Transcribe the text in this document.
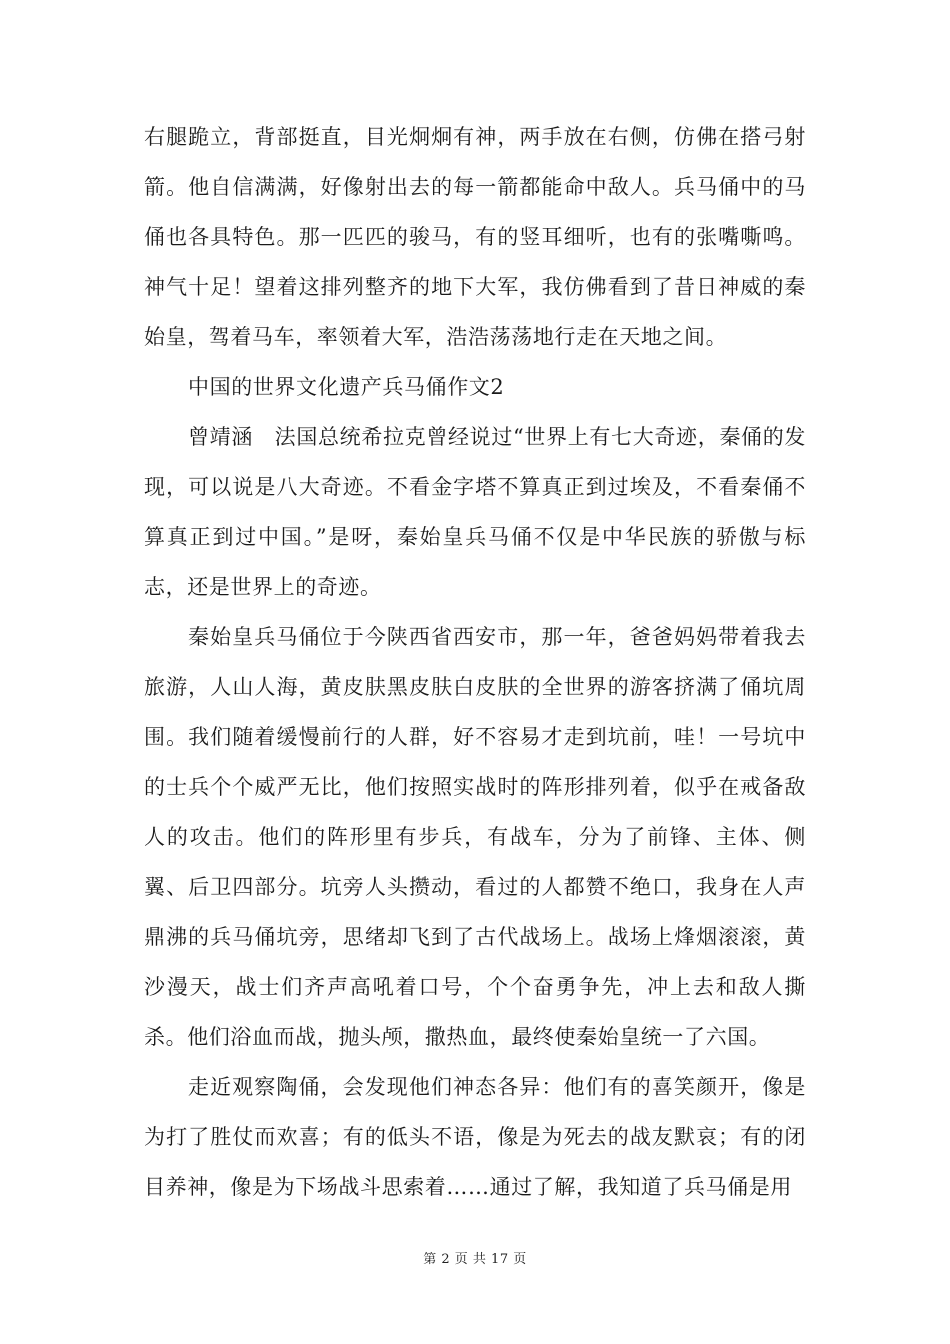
右腿跪立，背部挺直，目光炯炯有神，两手放在右侧，仿佛在搭弓射箭。他自信满满，好像射出去的每一箭都能命中敌人。兵马俑中的马俑也各具特色。那一匹匹的骏马，有的竖耳细听，也有的张嘴嘶鸣。神气十足！望着这排列整齐的地下大军，我仿佛看到了昔日神威的秦始皇，驾着马车，率领着大军，浩浩荡荡地行走在天地之间。

中国的世界文化遗产兵马俑作文2

曾靖涵　法国总统希拉克曾经说过“世界上有七大奇迹，秦俑的发现，可以说是八大奇迹。不看金字塔不算真正到过埃及，不看秦俑不算真正到过中国。”是呀，秦始皇兵马俑不仅是中华民族的骄傲与标志，还是世界上的奇迹。

秦始皇兵马俑位于今陕西省西安市，那一年，爸爸妈妈带着我去旅游，人山人海，黄皮肤黑皮肤白皮肤的全世界的游客挤满了俑坑周围。我们随着缓慢前行的人群，好不容易才走到坑前，哇！一号坑中的士兵个个威严无比，他们按照实战时的阵形排列着，似乎在戒备敌人的攻击。他们的阵形里有步兵，有战车，分为了前锋、主体、侧翼、后卫四部分。坑旁人头攒动，看过的人都赞不绝口，我身在人声鼎沸的兵马俑坑旁，思绪却飞到了古代战场上。战场上烽烟滚滚，黄沙漫天，战士们齐声高吼着口号，个个奋勇争先，冲上去和敌人撕杀。他们浴血而战，抛头颅，撒热血，最终使秦始皇统一了六国。

走近观察陶俑，会发现他们神态各异：他们有的喜笑颜开，像是为打了胜仗而欢喜；有的低头不语，像是为死去的战友默哀；有的闭目养神，像是为下场战斗思索着……通过了解，我知道了兵马俑是用

第 2 页 共 17 页
